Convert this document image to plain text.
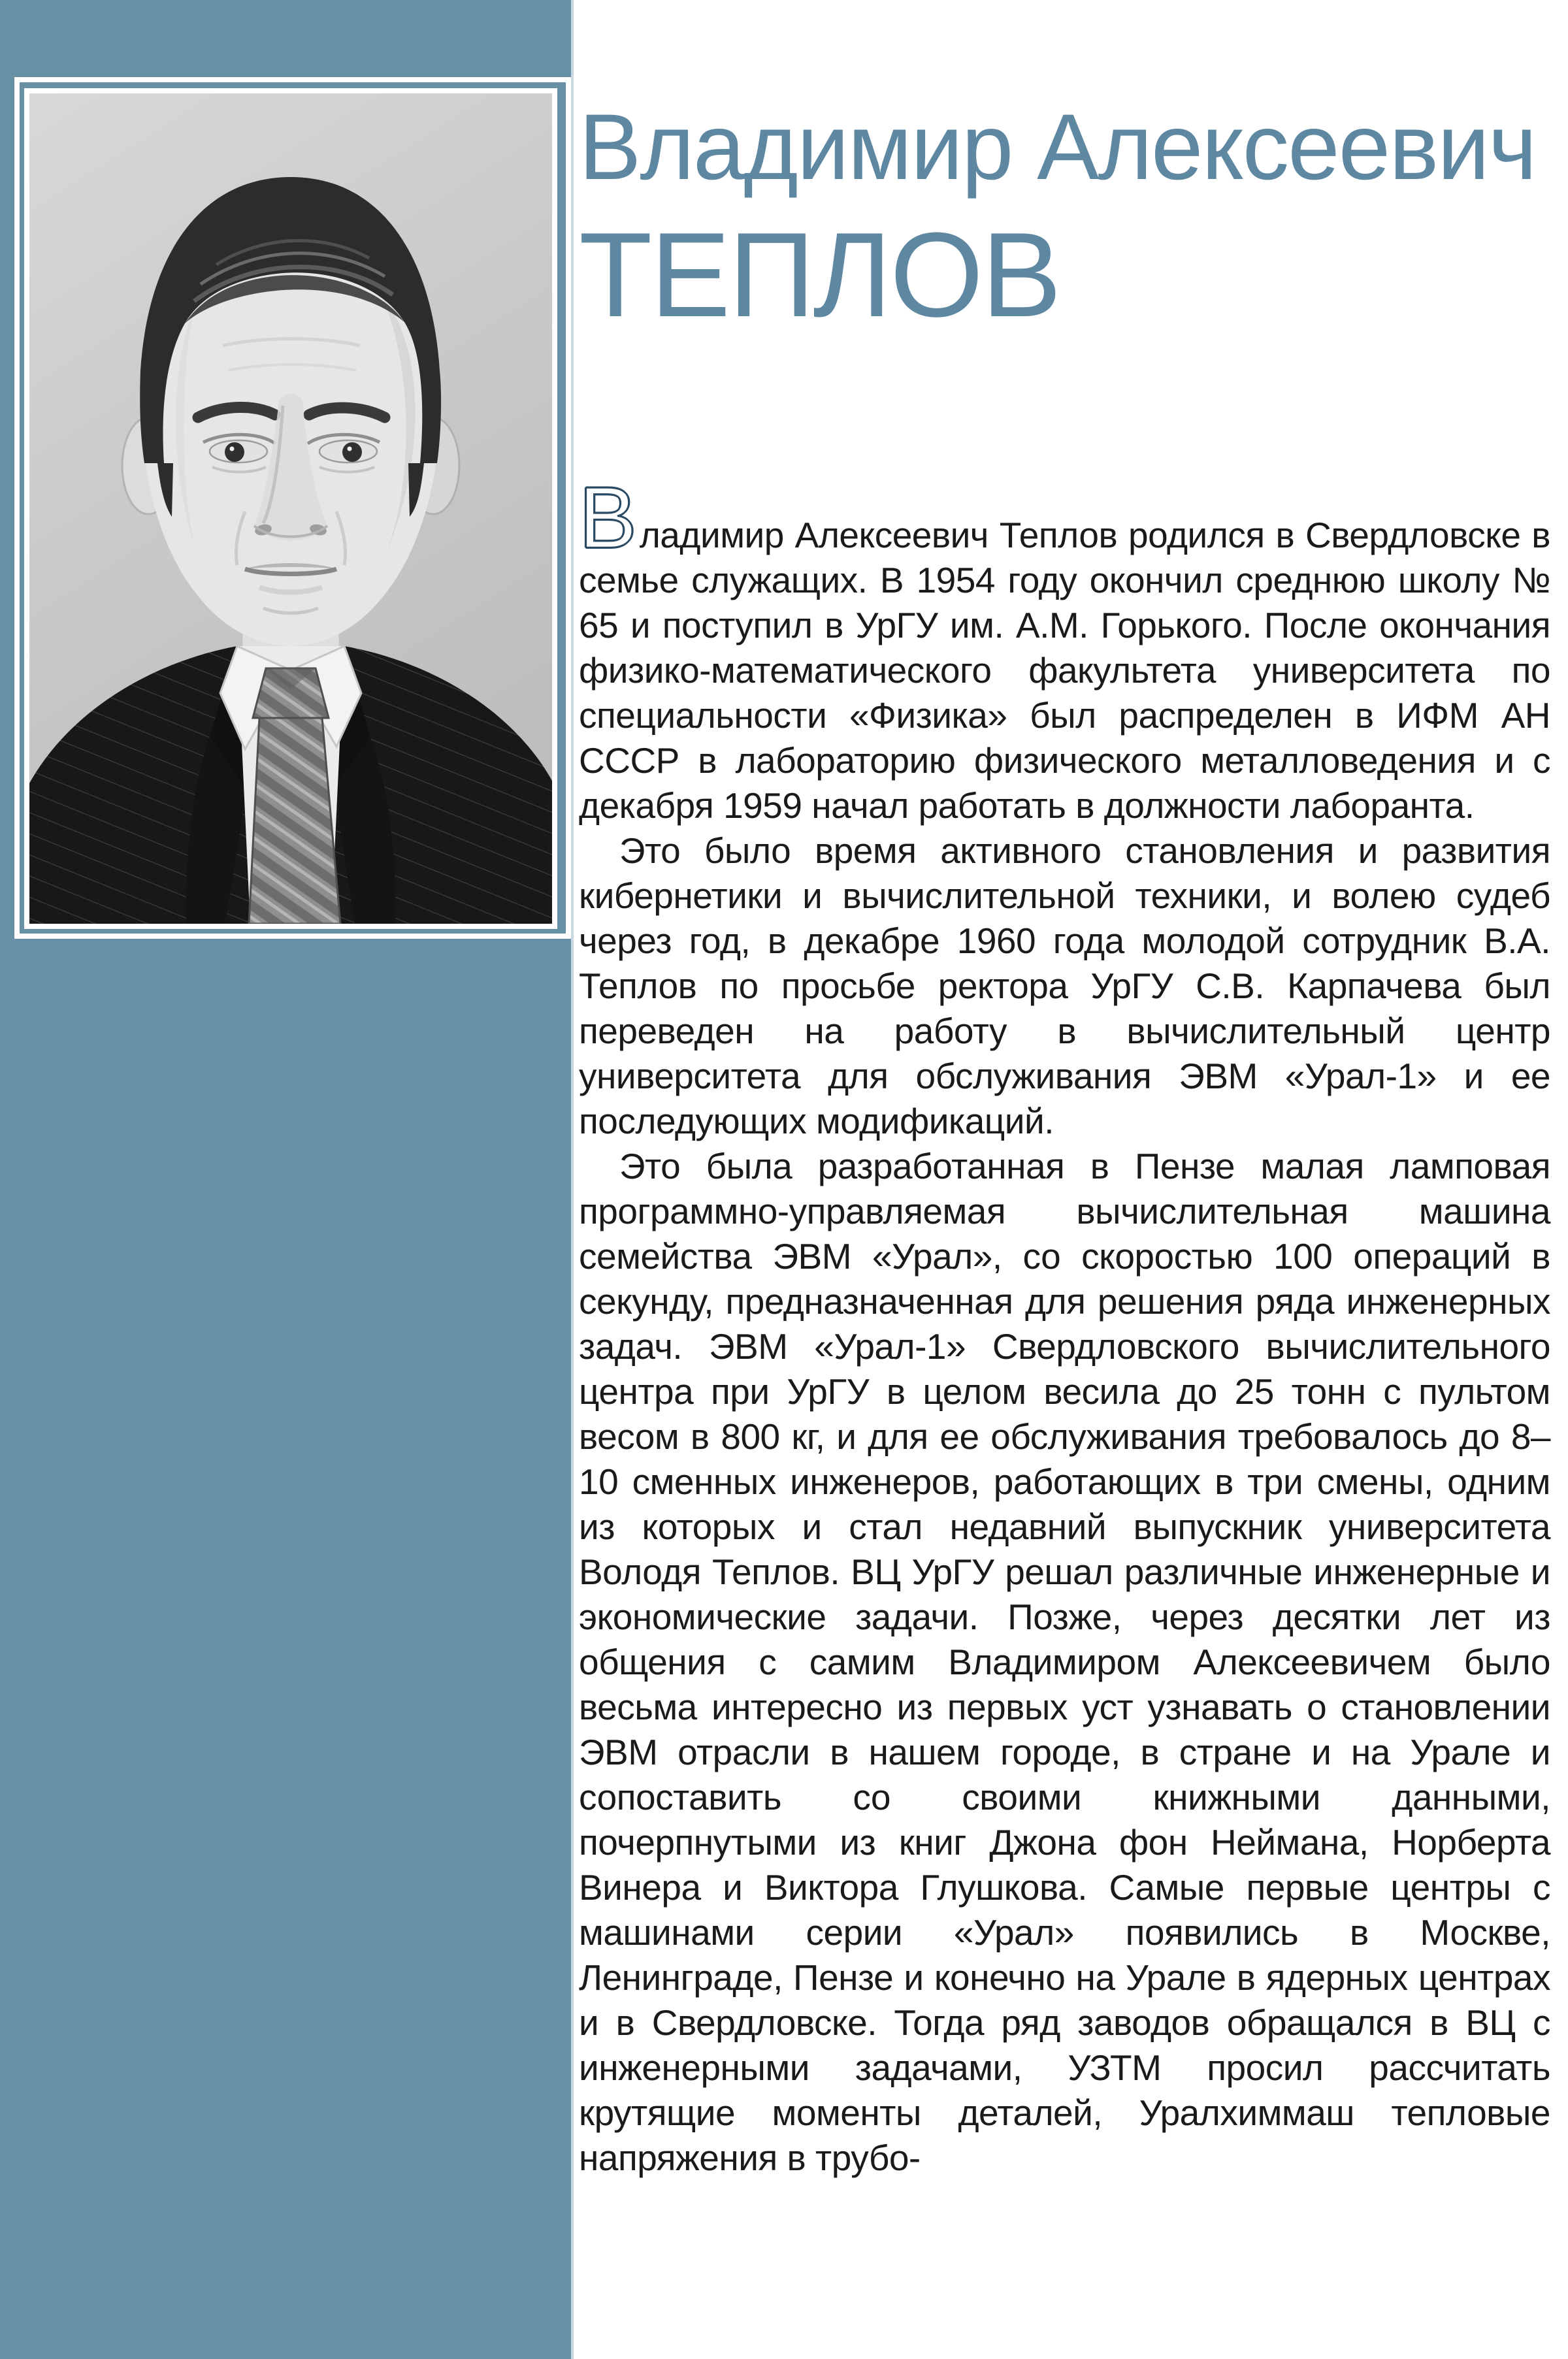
Владимир Алексеевич
ТЕПЛОВ

Владимир Алексеевич Теплов родился в Свердловске в семье служащих. В 1954 году окончил среднюю школу № 65 и поступил в УрГУ им. А.М. Горького. После окончания физико-математического факультета университета по специальности «Физика» был распределен в ИФМ АН СССР в лабораторию физического металловедения и с декабря 1959 начал работать в должности лаборанта.

Это было время активного становления и развития кибернетики и вычислительной техники, и волею судеб через год, в декабре 1960 года молодой сотрудник В.А. Теплов по просьбе ректора УрГУ С.В. Карпачева был переведен на работу в вычислительный центр университета для обслуживания ЭВМ «Урал-1» и ее последующих модификаций.

Это была разработанная в Пензе малая ламповая программно-управляемая вычислительная машина семейства ЭВМ «Урал», со скоростью 100 операций в секунду, предназначенная для решения ряда инженерных задач. ЭВМ «Урал-1» Свердловского вычислительного центра при УрГУ в целом весила до 25 тонн с пультом весом в 800 кг, и для ее обслуживания требовалось до 8–10 сменных инженеров, работающих в три смены, одним из которых и стал недавний выпускник университета Володя Теплов. ВЦ УрГУ решал различные инженерные и экономические задачи. Позже, через десятки лет из общения с самим Владимиром Алексеевичем было весьма интересно из первых уст узнавать о становлении ЭВМ отрасли в нашем городе, в стране и на Урале и сопоставить со своими книжными данными, почерпнутыми из книг Джона фон Неймана, Норберта Винера и Виктора Глушкова. Самые первые центры с машинами серии «Урал» появились в Москве, Ленинграде, Пензе и конечно на Урале в ядерных центрах и в Свердловске. Тогда ряд заводов обращался в ВЦ с инженерными задачами, УЗТМ просил рассчитать крутящие моменты деталей, Уралхиммаш тепловые напряжения в трубо-
